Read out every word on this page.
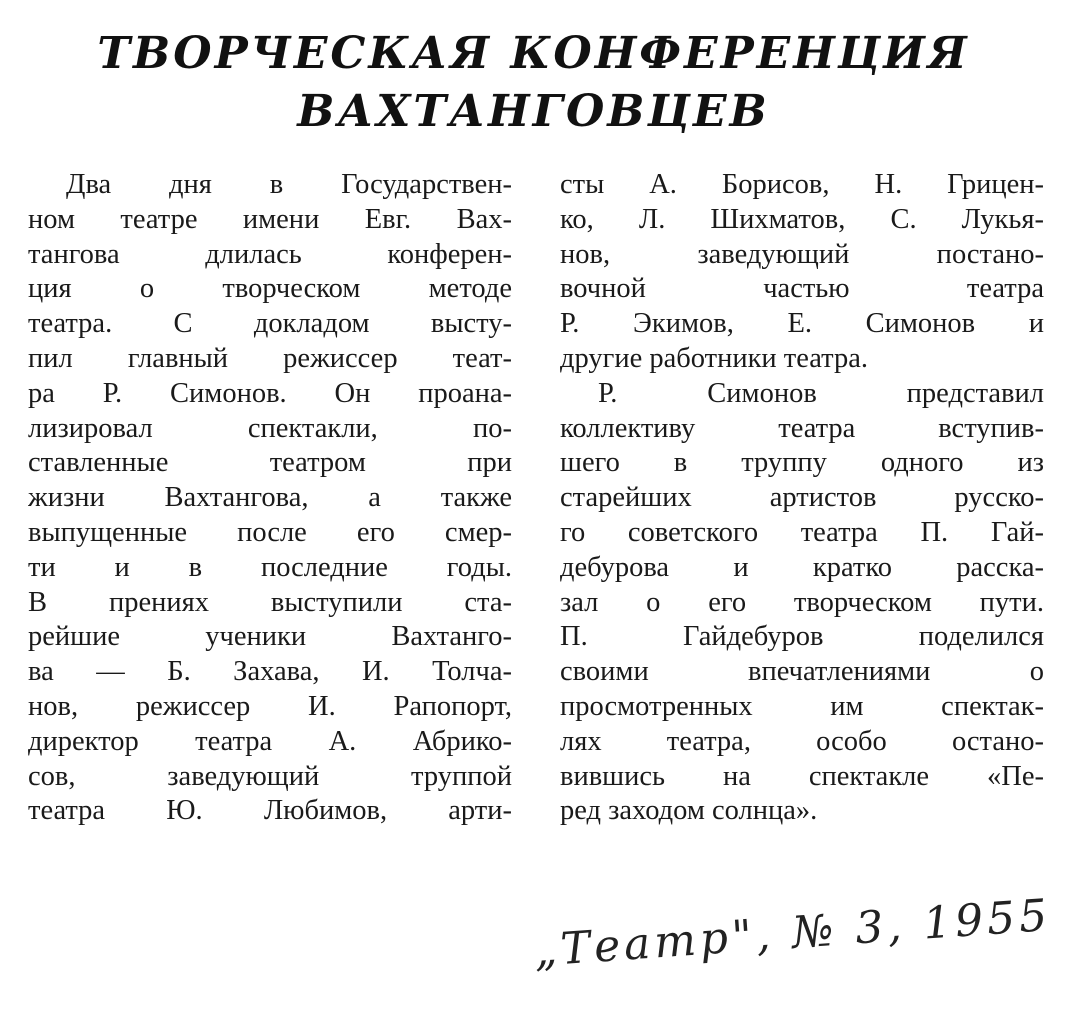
ТВОРЧЕСКАЯ КОНФЕРЕНЦИЯ
ВАХТАНГОВЦЕВ
Два дня в Государствен-
ном театре имени Евг. Вах-
тангова длилась конферен-
ция о творческом методе
театра. С докладом высту-
пил главный режиссер теат-
ра Р. Симонов. Он проана-
лизировал спектакли, по-
ставленные театром при
жизни Вахтангова, а также
выпущенные после его смер-
ти и в последние годы.
В прениях выступили ста-
рейшие ученики Вахтанго-
ва — Б. Захава, И. Толча-
нов, режиссер И. Рапопорт,
директор театра А. Абрико-
сов, заведующий труппой
театра Ю. Любимов, арти-
сты А. Борисов, Н. Грицен-
ко, Л. Шихматов, С. Лукья-
нов, заведующий постано-
вочной частью театра
Р. Экимов, Е. Симонов и
другие работники театра.
Р. Симонов представил
коллективу театра вступив-
шего в труппу одного из
старейших артистов русско-
го советского театра П. Гай-
дебурова и кратко расска-
зал о его творческом пути.
П. Гайдебуров поделился
своими впечатлениями о
просмотренных им спектак-
лях театра, особо остано-
вившись на спектакле «Пе-
ред заходом солнца».
„Театр", № 3, 1955
